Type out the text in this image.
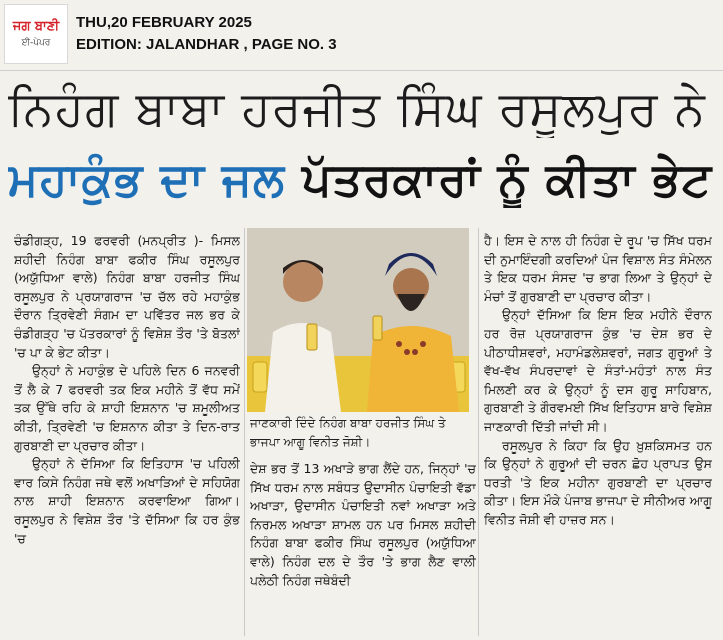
ਜਗ ਬਾਣੀ
ਈ-ਪੇਪਰ
THU,20 FEBRUARY 2025
EDITION: JALANDHAR , PAGE NO. 3
ਨਿਹੰਗ ਬਾਬਾ ਹਰਜੀਤ ਸਿੰਘ ਰਸੂਲਪੁਰ ਨੇ
ਮਹਾਕੁੰਭ ਦਾ ਜਲ ਪੱਤਰਕਾਰਾਂ ਨੂੰ ਕੀਤਾ ਭੇਟ

ਚੰਡੀਗੜ੍ਹ, 19 ਫਰਵਰੀ (ਮਨਪ੍ਰੀਤ )- ਮਿਸਲ ਸ਼ਹੀਦੀ ਨਿਹੰਗ ਬਾਬਾ ਫਕੀਰ ਸਿੰਘ ਰਸੂਲਪੁਰ (ਅਯੁੱਧਿਆ ਵਾਲੇ) ਨਿਹੰਗ ਬਾਬਾ ਹਰਜੀਤ ਸਿੰਘ ਰਸੂਲਪੁਰ ਨੇ ਪ੍ਰਯਾਗਰਾਜ 'ਚ ਚੱਲ ਰਹੇ ਮਹਾਕੁੰਭ ਦੌਰਾਨ ਤ੍ਰਿਵੇਣੀ ਸੰਗਮ ਦਾ ਪਵਿੱਤਰ ਜਲ ਭਰ ਕੇ ਚੰਡੀਗੜ੍ਹ 'ਚ ਪੱਤਰਕਾਰਾਂ ਨੂੰ ਵਿਸ਼ੇਸ਼ ਤੌਰ 'ਤੇ ਬੋਤਲਾਂ 'ਚ ਪਾ ਕੇ ਭੇਟ ਕੀਤਾ।

ਉਨ੍ਹਾਂ ਨੇ ਮਹਾਕੁੰਭ ਦੇ ਪਹਿਲੇ ਦਿਨ 6 ਜਨਵਰੀ ਤੋਂ ਲੈ ਕੇ 7 ਫਰਵਰੀ ਤਕ ਇਕ ਮਹੀਨੇ ਤੋਂ ਵੱਧ ਸਮੇਂ ਤਕ ਉੱਥੇ ਰਹਿ ਕੇ ਸ਼ਾਹੀ ਇਸ਼ਨਾਨ 'ਚ ਸ਼ਮੂਲੀਅਤ ਕੀਤੀ, ਤ੍ਰਿਵੇਣੀ 'ਚ ਇਸ਼ਨਾਨ ਕੀਤਾ ਤੇ ਦਿਨ-ਰਾਤ ਗੁਰਬਾਣੀ ਦਾ ਪ੍ਰਚਾਰ ਕੀਤਾ।

ਉਨ੍ਹਾਂ ਨੇ ਦੱਸਿਆ ਕਿ ਇਤਿਹਾਸ 'ਚ ਪਹਿਲੀ ਵਾਰ ਕਿਸੇ ਨਿਹੰਗ ਜਥੇ ਵਲੋਂ ਅਖਾੜਿਆਂ ਦੇ ਸਹਿਯੋਗ ਨਾਲ ਸ਼ਾਹੀ ਇਸ਼ਨਾਨ ਕਰਵਾਇਆ ਗਿਆ। ਰਸੂਲਪੁਰ ਨੇ ਵਿਸ਼ੇਸ਼ ਤੌਰ 'ਤੇ ਦੱਸਿਆ ਕਿ ਹਰ ਕੁੰਭ 'ਚ

ਜਾਣਕਾਰੀ ਦਿੰਦੇ ਨਿਹੰਗ ਬਾਬਾ ਹਰਜੀਤ ਸਿੰਘ ਤੇ ਭਾਜਪਾ ਆਗੂ ਵਿਨੀਤ ਜੋਸ਼ੀ।

ਦੇਸ਼ ਭਰ ਤੋਂ 13 ਅਖਾੜੇ ਭਾਗ ਲੈਂਦੇ ਹਨ, ਜਿਨ੍ਹਾਂ 'ਚ ਸਿੱਖ ਧਰਮ ਨਾਲ ਸਬੰਧਤ ਉਦਾਸੀਨ ਪੰਚਾਇਤੀ ਵੱਡਾ ਅਖਾੜਾ, ਉਦਾਸੀਨ ਪੰਚਾਇਤੀ ਨਵਾਂ ਅਖਾੜਾ ਅਤੇ ਨਿਰਮਲ ਅਖਾੜਾ ਸ਼ਾਮਲ ਹਨ ਪਰ ਮਿਸਲ ਸ਼ਹੀਦੀ ਨਿਹੰਗ ਬਾਬਾ ਫਕੀਰ ਸਿੰਘ ਰਸੂਲਪੁਰ (ਅਯੁੱਧਿਆ ਵਾਲੇ) ਨਿਹੰਗ ਦਲ ਦੇ ਤੌਰ 'ਤੇ ਭਾਗ ਲੈਣ ਵਾਲੀ ਪਲੇਠੀ ਨਿਹੰਗ ਜਥੇਬੰਦੀ

ਹੈ। ਇਸ ਦੇ ਨਾਲ ਹੀ ਨਿਹੰਗ ਦੇ ਰੂਪ 'ਚ ਸਿੱਖ ਧਰਮ ਦੀ ਨੁਮਾਇੰਦਗੀ ਕਰਦਿਆਂ ਪੰਜ ਵਿਸ਼ਾਲ ਸੰਤ ਸੰਮੇਲਨ ਤੇ ਇਕ ਧਰਮ ਸੰਸਦ 'ਚ ਭਾਗ ਲਿਆ ਤੇ ਉਨ੍ਹਾਂ ਦੇ ਮੰਚਾਂ ਤੋਂ ਗੁਰਬਾਣੀ ਦਾ ਪ੍ਰਚਾਰ ਕੀਤਾ।

ਉਨ੍ਹਾਂ ਦੱਸਿਆ ਕਿ ਇਸ ਇਕ ਮਹੀਨੇ ਦੌਰਾਨ ਹਰ ਰੋਜ਼ ਪ੍ਰਯਾਗਰਾਜ ਕੁੰਭ 'ਚ ਦੇਸ਼ ਭਰ ਦੇ ਪੀਠਾਧੀਸ਼ਵਰਾਂ, ਮਹਾਮੰਡਲੇਸ਼ਵਰਾਂ, ਜਗਤ ਗੁਰੂਆਂ ਤੇ ਵੱਖ-ਵੱਖ ਸੰਪਰਦਾਵਾਂ ਦੇ ਸੰਤਾਂ-ਮਹੰਤਾਂ ਨਾਲ ਸੰਤ ਮਿਲਣੀ ਕਰ ਕੇ ਉਨ੍ਹਾਂ ਨੂੰ ਦਸ ਗੁਰੂ ਸਾਹਿਬਾਨ, ਗੁਰਬਾਣੀ ਤੇ ਗੌਰਵਮਈ ਸਿੱਖ ਇਤਿਹਾਸ ਬਾਰੇ ਵਿਸ਼ੇਸ਼ ਜਾਣਕਾਰੀ ਦਿੱਤੀ ਜਾਂਦੀ ਸੀ।

ਰਸੂਲਪੁਰ ਨੇ ਕਿਹਾ ਕਿ ਉਹ ਖ਼ੁਸ਼ਕਿਸਮਤ ਹਨ ਕਿ ਉਨ੍ਹਾਂ ਨੇ ਗੁਰੂਆਂ ਦੀ ਚਰਨ ਛੋਹ ਪ੍ਰਾਪਤ ਉਸ ਧਰਤੀ 'ਤੇ ਇਕ ਮਹੀਨਾ ਗੁਰਬਾਣੀ ਦਾ ਪ੍ਰਚਾਰ ਕੀਤਾ। ਇਸ ਮੌਕੇ ਪੰਜਾਬ ਭਾਜਪਾ ਦੇ ਸੀਨੀਅਰ ਆਗੂ ਵਿਨੀਤ ਜੋਸ਼ੀ ਵੀ ਹਾਜ਼ਰ ਸਨ।
